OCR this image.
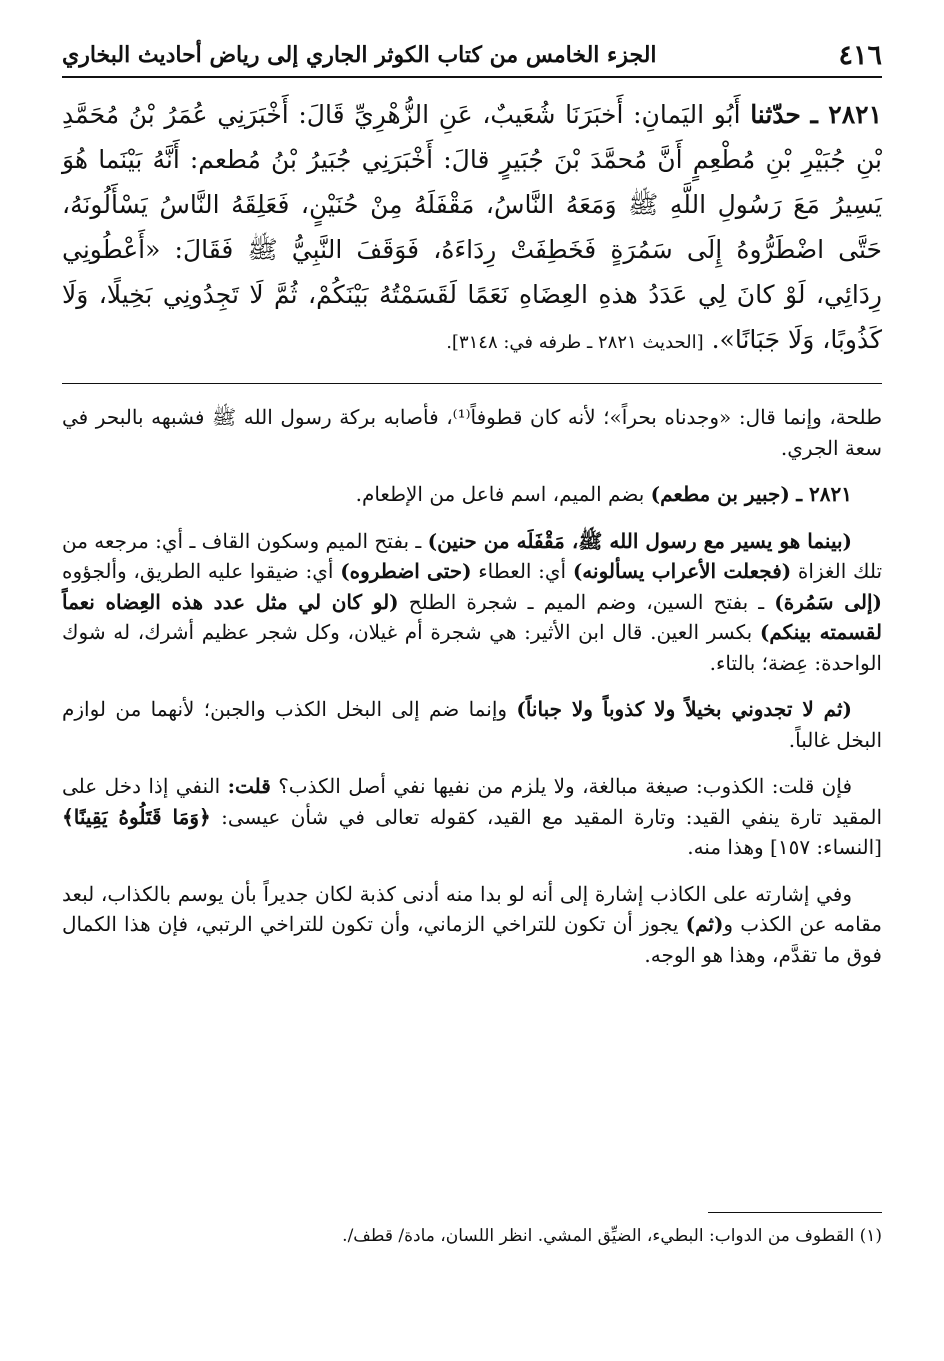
٤١٦
الجزء الخامس من كتاب الكوثر الجاري إلى رياض أحاديث البخاري
٢٨٢١ ـ حدّثنا أَبُو اليَمانِ: أَخبَرَنَا شُعَيبٌ، عَنِ الزُّهْرِيِّ قَالَ: أَخْبَرَنِي عُمَرُ بْنُ مُحَمَّدِ بْنِ جُبَيْرِ بْنِ مُطْعِمٍ أَنَّ مُحمَّدَ بْنَ جُبَيرٍ قالَ: أَخْبَرَنِي جُبَيرُ بْنُ مُطعم: أَنَّهُ بَيْنَما هُوَ يَسِيرُ مَعَ رَسُولِ اللَّهِ ﷺ وَمَعَهُ النَّاسُ، مَقْفَلَهُ مِنْ حُنَيْنٍ، فَعَلِقَهُ النَّاسُ يَسْأَلُونَهُ، حَتَّى اضْطَرُّوهُ إِلَى سَمُرَةٍ فَخَطِفَتْ رِدَاءَهُ، فَوَقَفَ النَّبِيُّ ﷺ فَقَالَ: «أَعْطُونِي رِدَائِي، لَوْ كانَ لِي عَدَدُ هذهِ العِضَاهِ نَعَمًا لَقَسَمْتُهُ بَيْنَكُمْ، ثُمَّ لَا تَجِدُونِي بَخِيلًا، وَلَا كَذُوبًا، وَلَا جَبَانًا». [الحديث ٢٨٢١ ـ طرفه في: ٣١٤٨].

طلحة، وإنما قال: «وجدناه بحراً»؛ لأنه كان قطوفاً⁽¹⁾، فأصابه بركة رسول الله ﷺ فشبهه بالبحر في سعة الجري.

٢٨٢١ ـ (جبير بن مطعم) بضم الميم، اسم فاعل من الإطعام.

(بينما هو يسير مع رسول الله ﷺ، مَقْفَلَه من حنين) ـ بفتح الميم وسكون القاف ـ أي: مرجعه من تلك الغزاة (فجعلت الأعراب يسألونه) أي: العطاء (حتى اضطروه) أي: ضيقوا عليه الطريق، وألجؤوه (إلى سَمُرة) ـ بفتح السين، وضم الميم ـ شجرة الطلح (لو كان لي مثل عدد هذه العِضاه نعماً لقسمته بينكم) بكسر العين. قال ابن الأثير: هي شجرة أم غيلان، وكل شجر عظيم أشرك، له شوك الواحدة: عِضة؛ بالتاء.

(ثم لا تجدوني بخيلاً ولا كذوباً ولا جباناً) وإنما ضم إلى البخل الكذب والجبن؛ لأنهما من لوازم البخل غالباً.

فإن قلت: الكذوب: صيغة مبالغة، ولا يلزم من نفيها نفي أصل الكذب؟ قلت: النفي إذا دخل على المقيد تارة ينفي القيد: وتارة المقيد مع القيد، كقوله تعالى في شأن عيسى: ﴿وَمَا قَتَلُوهُ يَقِينًا﴾ [النساء: ١٥٧] وهذا منه.

وفي إشارته على الكاذب إشارة إلى أنه لو بدا منه أدنى كذبة لكان جديراً بأن يوسم بالكذاب، لبعد مقامه عن الكذب و(ثم) يجوز أن تكون للتراخي الزماني، وأن تكون للتراخي الرتبي، فإن هذا الكمال فوق ما تقدَّم، وهذا هو الوجه.

(١) القطوف من الدواب: البطيء، الضيِّق المشي. انظر اللسان، مادة/ قطف/.
